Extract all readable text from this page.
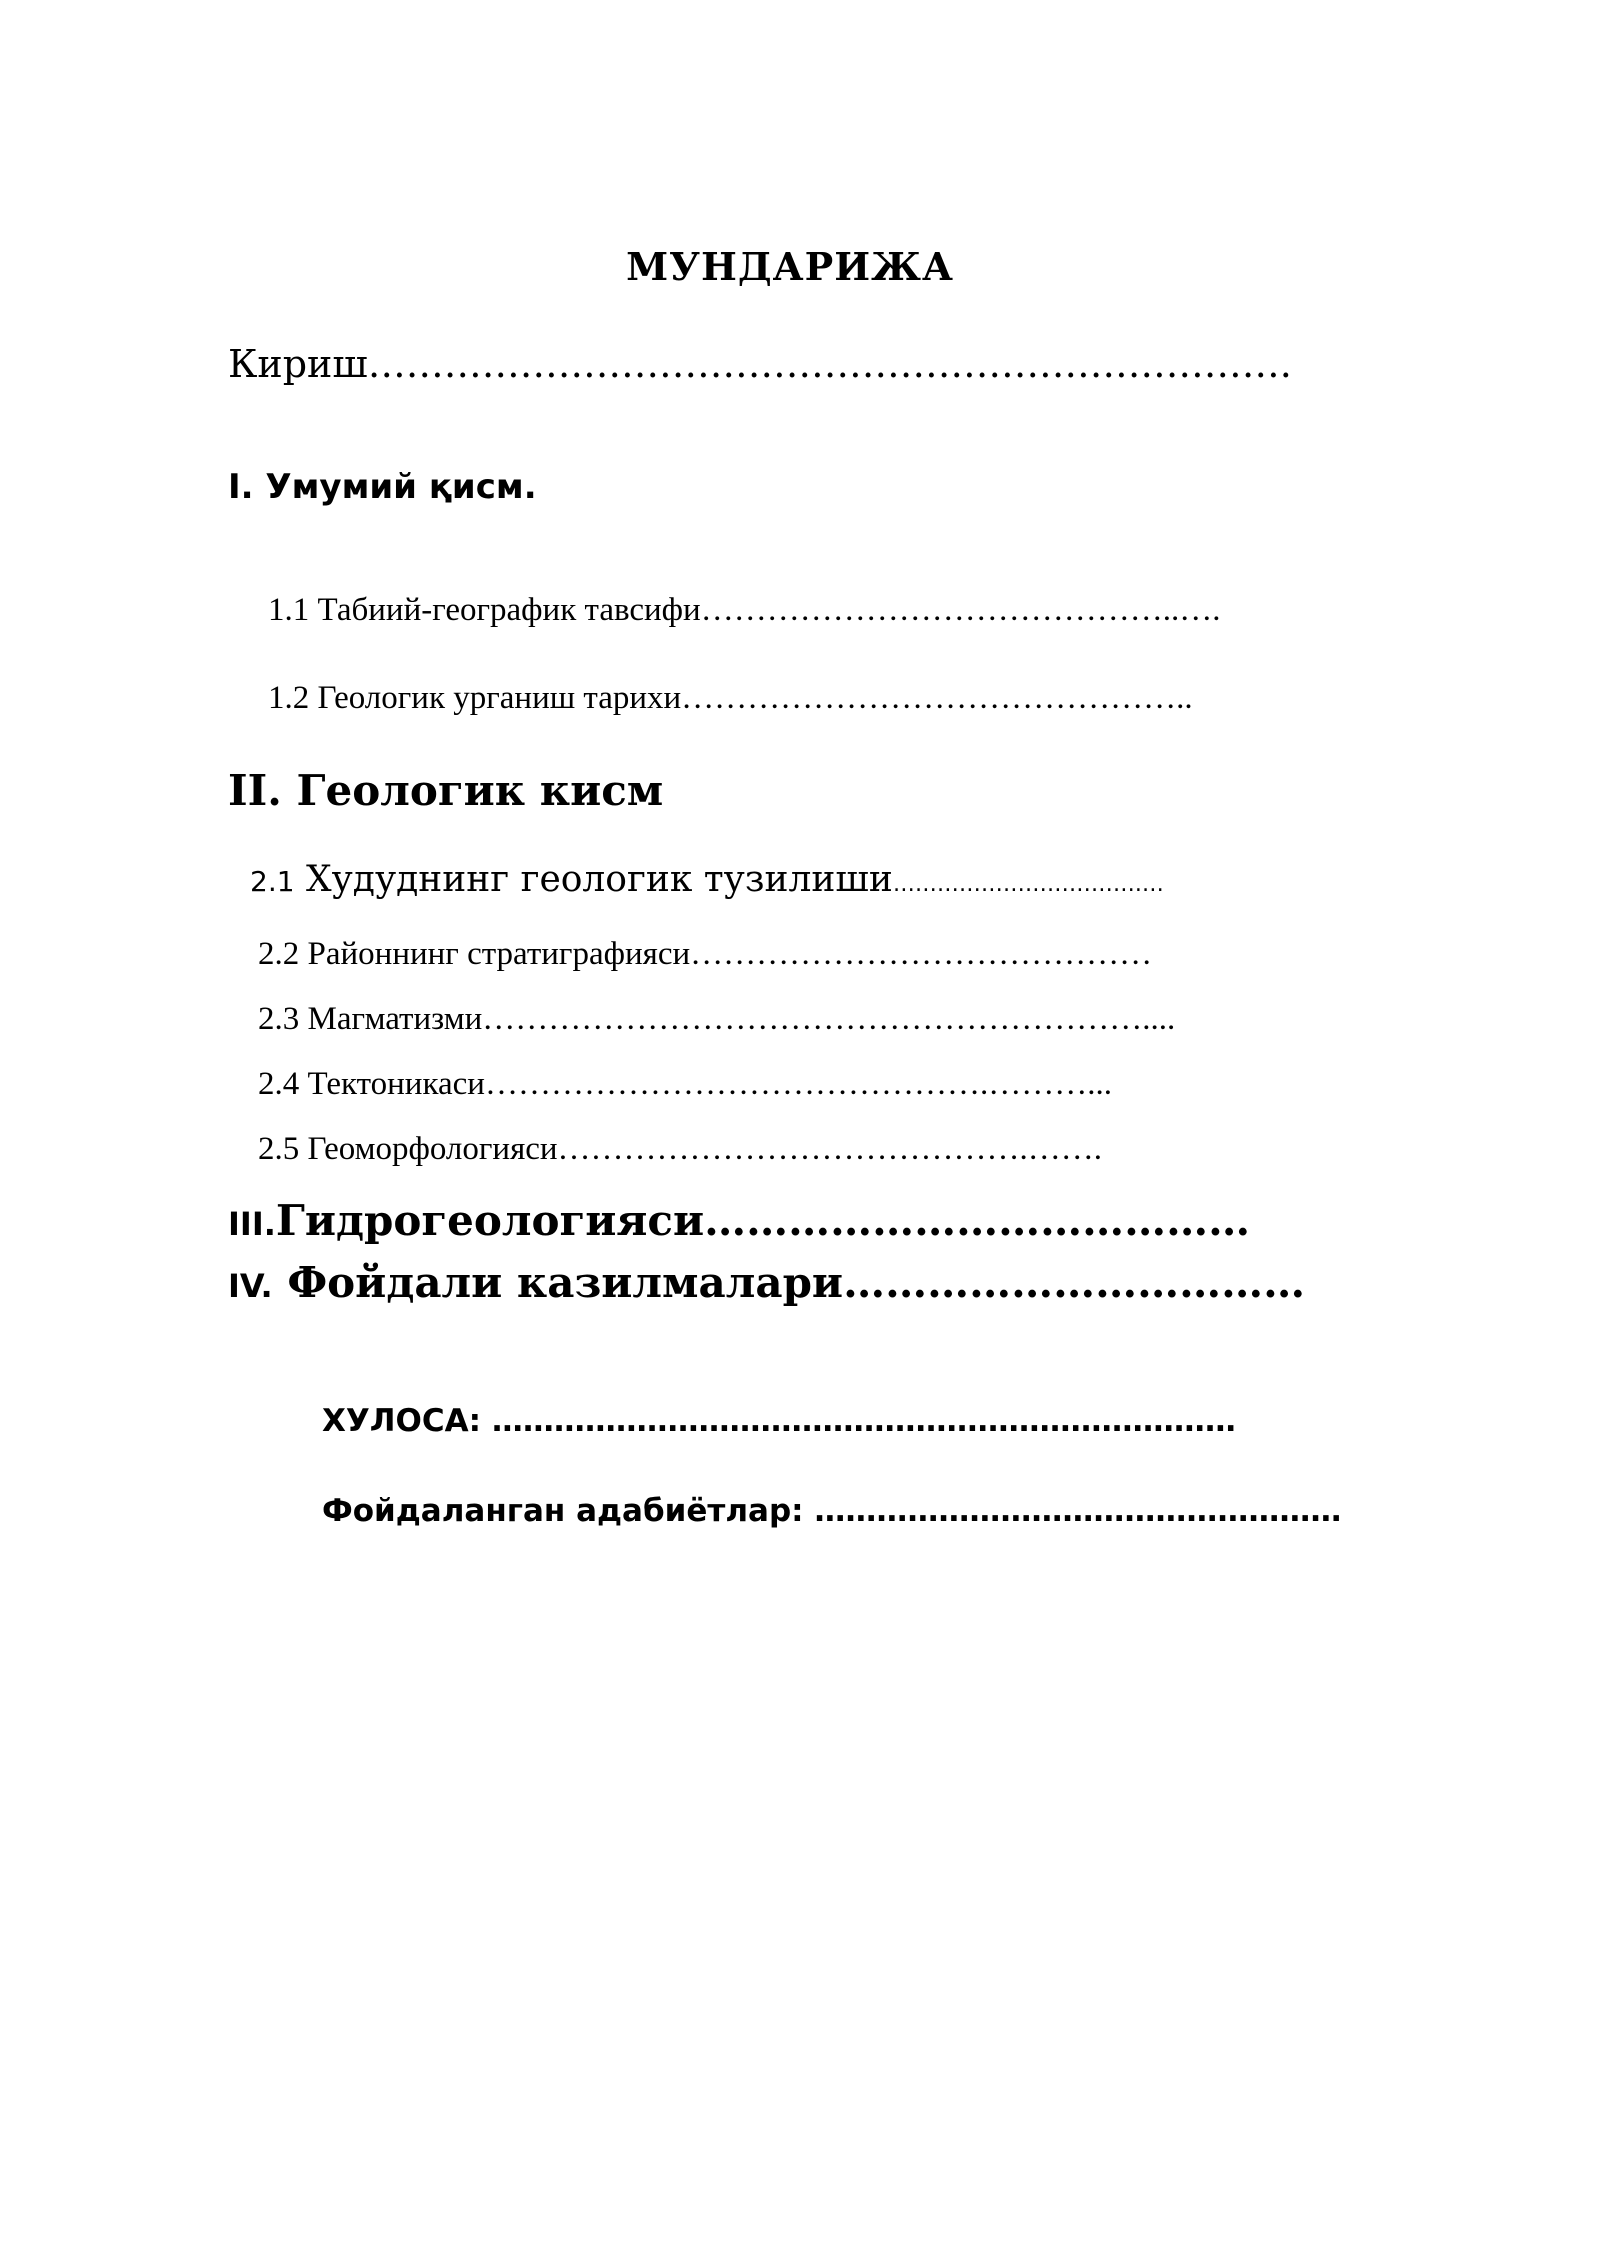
МУНДАРИЖА
Кириш……………………………………………………………….
I. Умумий қисм.
1.1 Табиий-географик тавсифи……………………………………..….
1.2 Геологик урганиш тарихи………………………………………..
II. Геологик кисм
2.1 Худуднинг геологик тузилиши…………………………….…
2.2 Районнинг стратиграфияси……………………………………
2.3 Магматизми……………………………………………………....
2.4 Тектоникаси……………………………………….………...
2.5 Геоморфологияси…………………………………….…….
III.Гидрогеологияси…………………………………
IV. Фойдали казилмалари……………………………
ХУЛОСА: ………………………………………………………………
Фойдаланган адабиётлар: ……………………………………………
